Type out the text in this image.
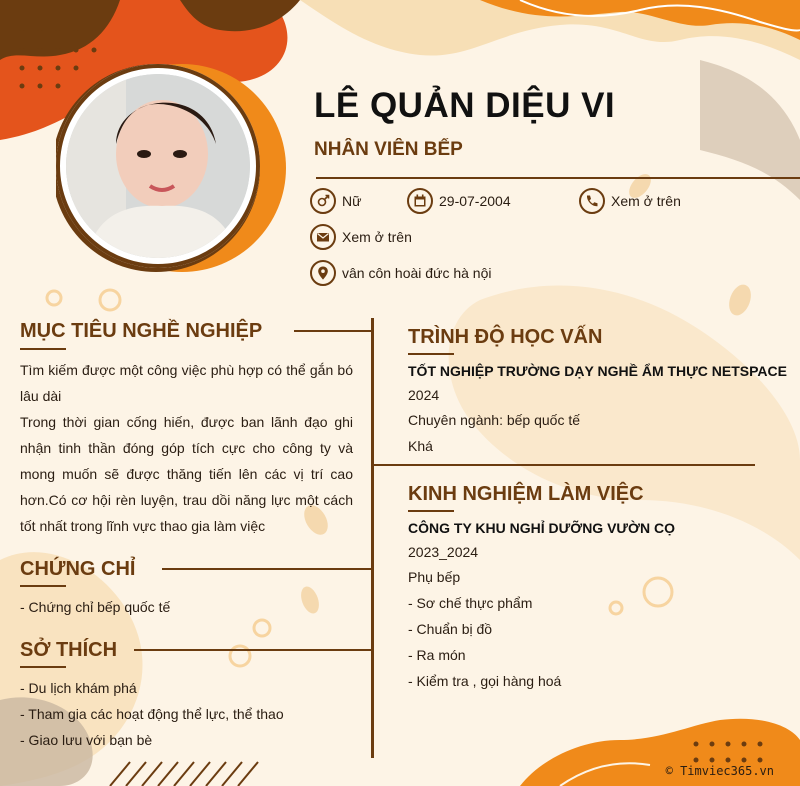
LÊ QUẢN DIỆU VI
NHÂN VIÊN BẾP
Nữ	29-07-2004	Xem ở trên
Xem ở trên
vân côn hoài đức hà nội
MỤC TIÊU NGHỀ NGHIỆP
Tìm kiếm được một công việc phù hợp có thể gắn bó lâu dài
Trong thời gian cống hiến, được ban lãnh đạo ghi nhận tinh thần đóng góp tích cực cho công ty và mong muốn sẽ được thăng tiến lên các vị trí cao hơn.Có cơ hội rèn luyện, trau dồi năng lực một cách tốt nhất trong lĩnh vực thao gia làm việc
CHỨNG CHỈ
- Chứng chỉ bếp quốc tế
SỞ THÍCH
- Du lịch khám phá
- Tham gia các hoạt động thể lực, thể thao
- Giao lưu với bạn bè
TRÌNH ĐỘ HỌC VẤN
TỐT NGHIỆP TRƯỜNG DẠY NGHỀ ẨM THỰC NETSPACE
2024
Chuyên ngành: bếp quốc tế
Khá
KINH NGHIỆM LÀM VIỆC
CÔNG TY KHU NGHỈ DƯỠNG VƯỜN CỌ
2023_2024
Phụ bếp
- Sơ chế thực phẩm
- Chuẩn bị đồ
- Ra món
- Kiểm tra , gọi hàng hoá
© Timviec365.vn
